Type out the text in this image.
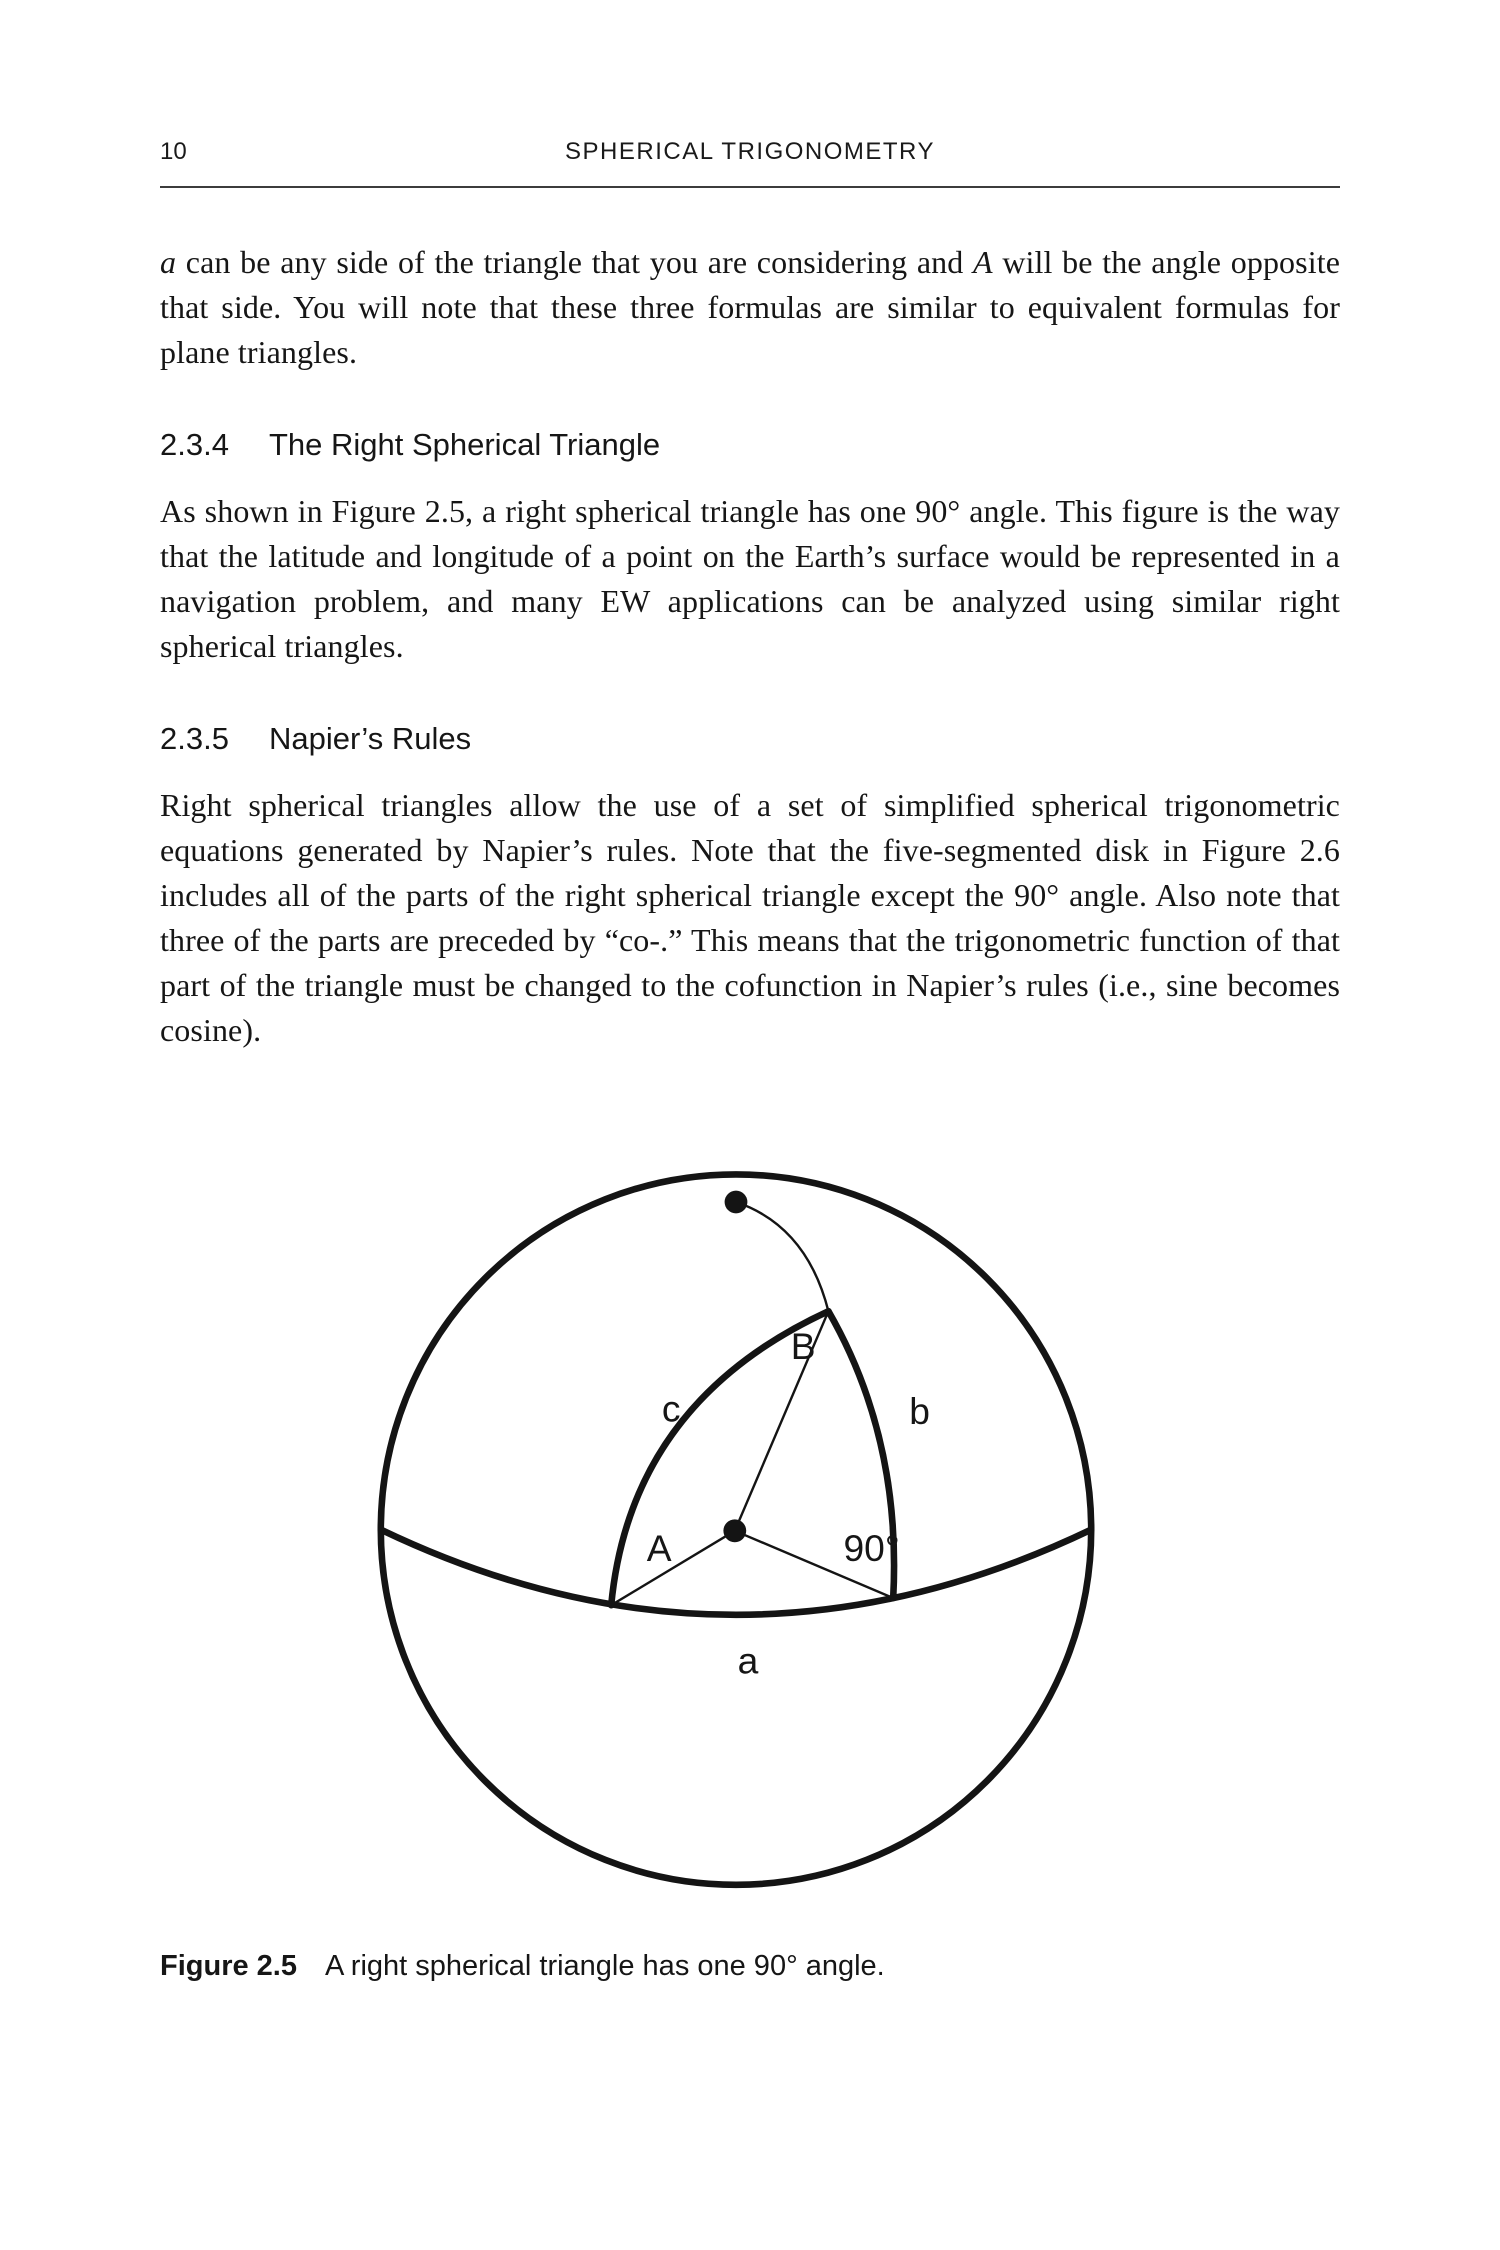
10	SPHERICAL TRIGONOMETRY

a can be any side of the triangle that you are considering and A will be the angle opposite that side. You will note that these three formulas are similar to equivalent formulas for plane triangles.

2.3.4 The Right Spherical Triangle

As shown in Figure 2.5, a right spherical triangle has one 90° angle. This figure is the way that the latitude and longitude of a point on the Earth’s surface would be represented in a navigation problem, and many EW applications can be analyzed using similar right spherical triangles.

2.3.5 Napier’s Rules

Right spherical triangles allow the use of a set of simplified spherical trigonometric equations generated by Napier’s rules. Note that the five-segmented disk in Figure 2.6 includes all of the parts of the right spherical triangle except the 90° angle. Also note that three of the parts are preceded by “co-.” This means that the trigonometric function of that part of the triangle must be changed to the cofunction in Napier’s rules (i.e., sine becomes cosine).

B
c	b
A	90°
a
Figure 2.5 A right spherical triangle has one 90° angle.
